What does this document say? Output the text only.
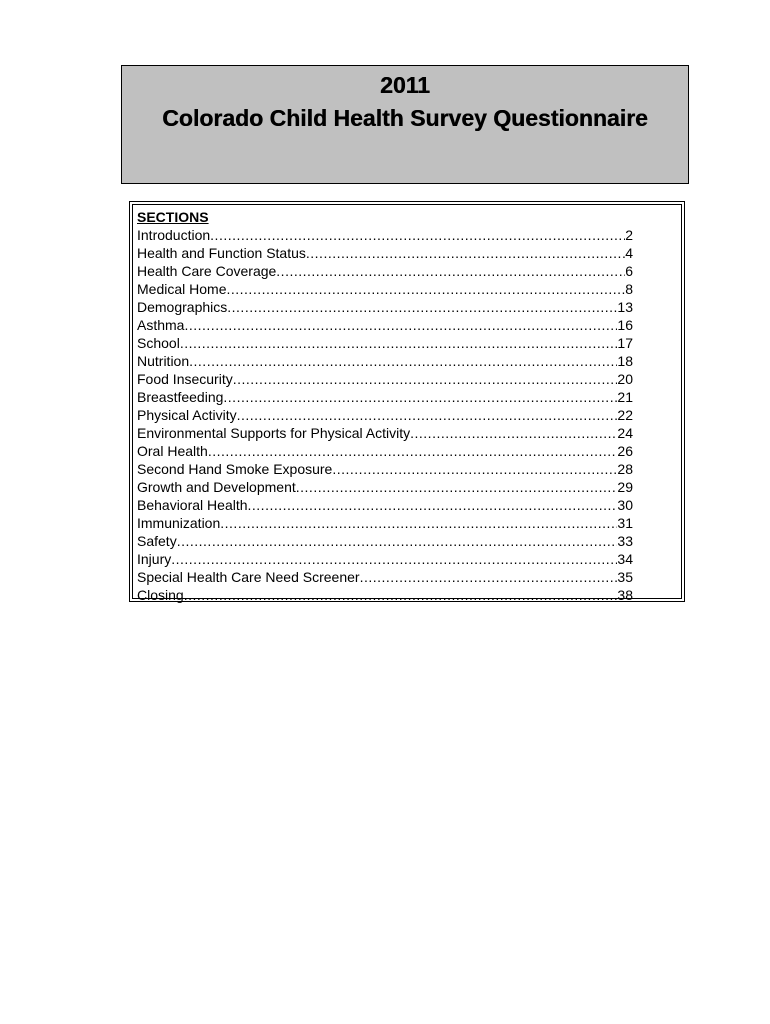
2011
Colorado Child Health Survey Questionnaire
SECTIONS
Introduction .....	2
Health and Function Status .....	4
Health Care Coverage .....	6
Medical Home .....	8
Demographics .....	13
Asthma .....	16
School .....	17
Nutrition .....	18
Food Insecurity .....	20
Breastfeeding .....	21
Physical Activity .....	22
Environmental Supports for Physical Activity .....	24
Oral Health .....	26
Second Hand Smoke Exposure .....	28
Growth and Development .....	29
Behavioral Health .....	30
Immunization .....	31
Safety .....	33
Injury .....	34
Special Health Care Need Screener .....	35
Closing .....	38
